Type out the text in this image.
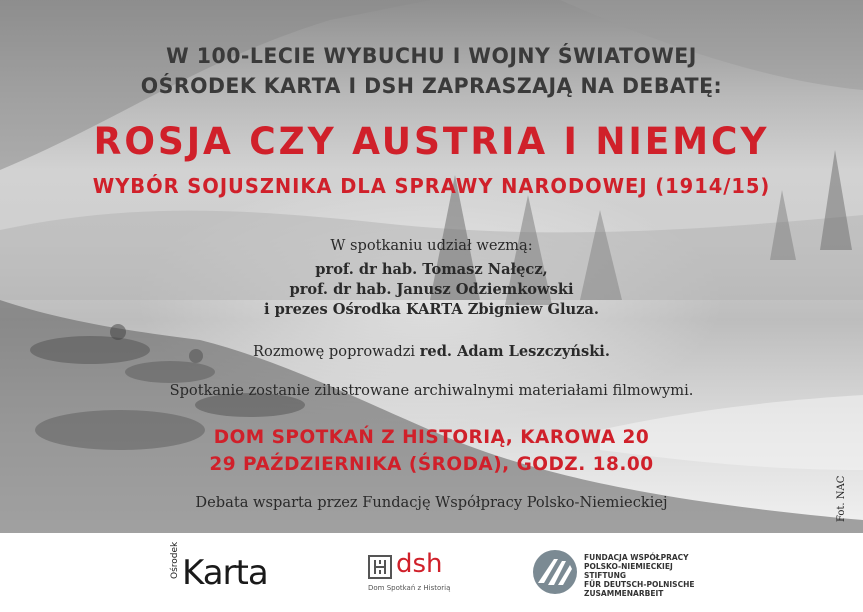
W 100-LECIE WYBUCHU I WOJNY ŚWIATOWEJ
OŚRODEK KARTA I DSH ZAPRASZAJĄ NA DEBATĘ:
ROSJA CZY AUSTRIA I NIEMCY
WYBÓR SOJUSZNIKA DLA SPRAWY NARODOWEJ (1914/15)
W spotkaniu udział wezmą:
prof. dr hab. Tomasz Nałęcz,
prof. dr hab. Janusz Odziemkowski
i prezes Ośrodka KARTA Zbigniew Gluza.
Rozmowę poprowadzi red. Adam Leszczyński.
Spotkanie zostanie zilustrowane archiwalnymi materiałami filmowymi.
DOM SPOTKAŃ Z HISTORIĄ, KAROWA 20
29 PAŹDZIERNIKA (ŚRODA), GODZ. 18.00
Debata wsparta przez Fundację Współpracy Polsko-Niemieckiej	Fot. NAC
Ośrodek Karta	dsh
Dom Spotkań z Historią
FUNDACJA WSPÓŁPRACY
POLSKO-NIEMIECKIEJ
STIFTUNG
FÜR DEUTSCH-POLNISCHE
ZUSAMMENARBEIT
